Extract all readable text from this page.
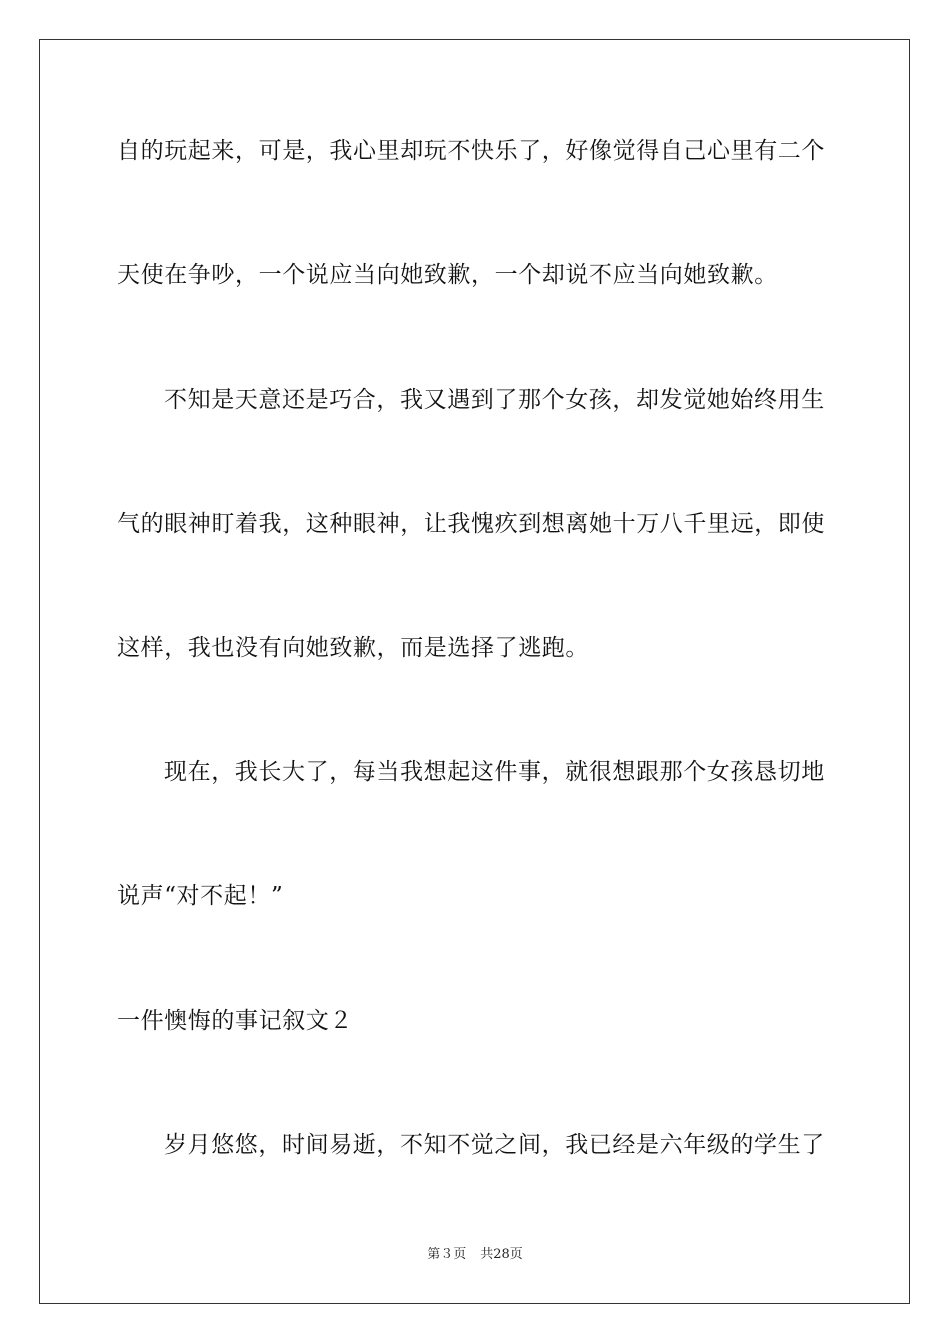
自的玩起来，可是，我心里却玩不快乐了，好像觉得自己心里有二个
天使在争吵，一个说应当向她致歉，一个却说不应当向她致歉。
不知是天意还是巧合，我又遇到了那个女孩，却发觉她始终用生
气的眼神盯着我，这种眼神，让我愧疚到想离她十万八千里远，即使
这样，我也没有向她致歉，而是选择了逃跑。
现在，我长大了，每当我想起这件事，就很想跟那个女孩恳切地
说声“对不起！”
一件懊悔的事记叙文２
岁月悠悠，时间易逝，不知不觉之间，我已经是六年级的学生了
第３页 共28页
